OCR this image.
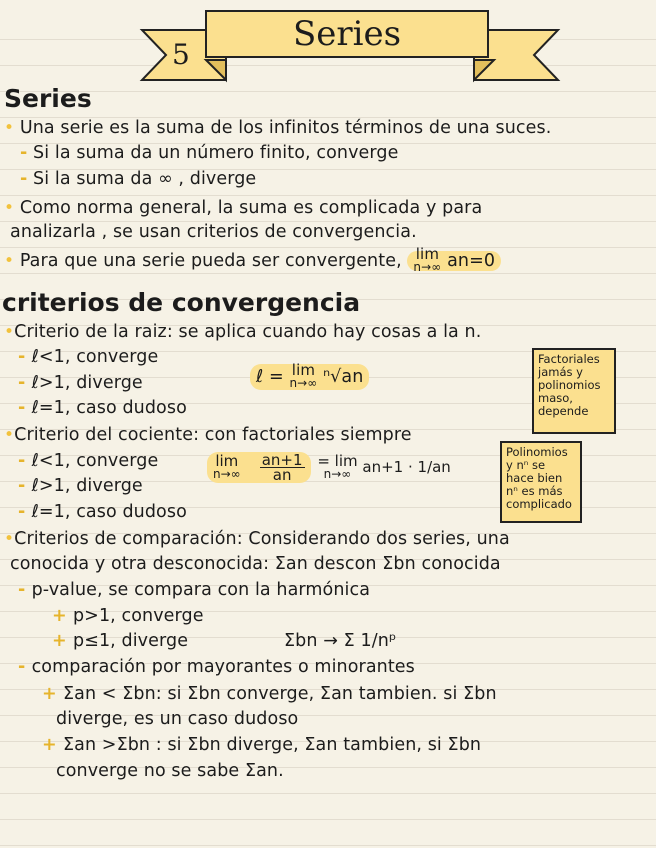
5
Series
Series
• Una serie es la suma de los infinitos términos de una suces.
- Si la suma da un número finito, converge
- Si la suma da ∞ , diverge
• Como norma general, la suma es complicada y para
analizarla , se usan criterios de convergencia.
• Para que una serie pueda ser convergente, lim
n→∞ an=0
criterios de convergencia
•Criterio de la raiz: se aplica cuando hay cosas a la n.
- ℓ<1, converge
- ℓ>1, diverge
- ℓ=1, caso dudoso
ℓ = lim
n→∞ ⁿ√an
Factoriales
jamás y
polinomios
maso,
depende
•Criterio del cociente: con factoriales siempre
- ℓ<1, converge
- ℓ>1, diverge
- ℓ=1, caso dudoso
lim
n→∞
$\frac{an+1}{an} = \lim$
n→∞ an+1 · 1/an
Polinomios
y nⁿ se
hace bien
nⁿ es más
complicado
•Criterios de comparación: Considerando dos series, una
conocida y otra desconocida: Σan descon Σbn conocida
- p-value, se compara con la harmónica
+ p>1, converge
+ p≤1, diverge	Σbn → Σ 1/nᵖ
- comparación por mayorantes o minorantes
+ Σan < Σbn: si Σbn converge, Σan tambien. si Σbn
diverge, es un caso dudoso
+ Σan >Σbn : si Σbn diverge, Σan tambien, si Σbn
converge no se sabe Σan.
